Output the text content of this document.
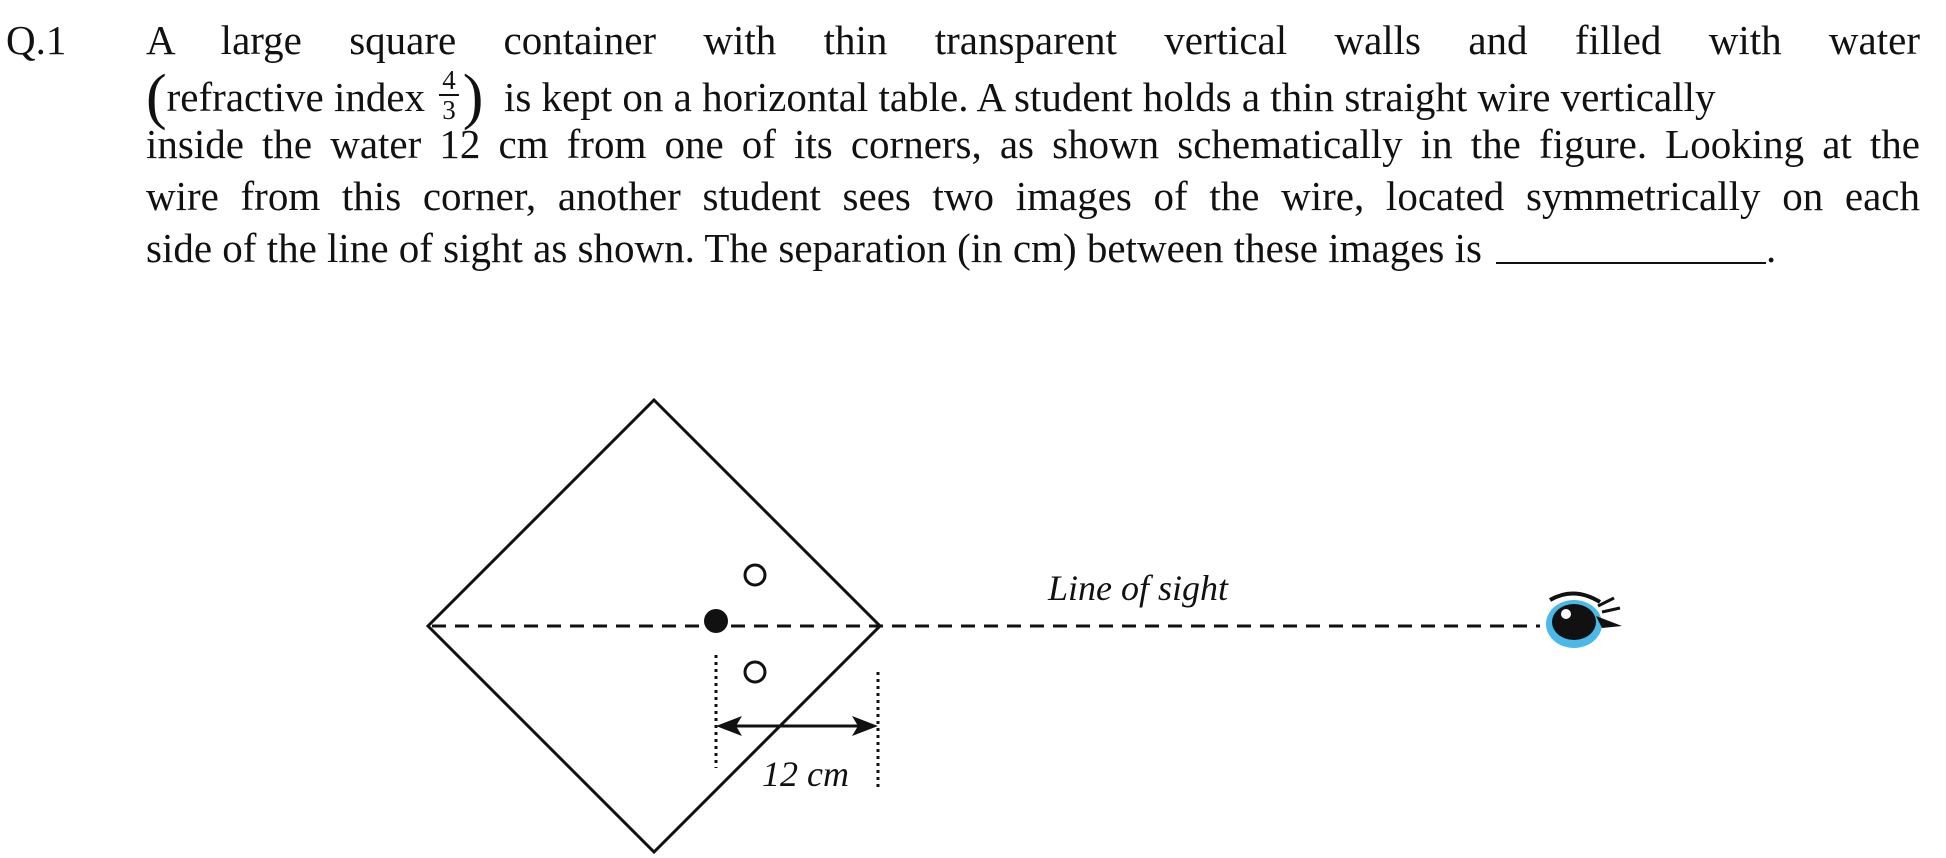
Q.1 A large square container with thin transparent vertical walls and filled with water
(refractive index $\frac{4}{3}$ ) is kept on a horizontal table. A student holds a thin straight wire vertically
inside the water 12 cm from one of its corners, as shown schematically in the figure. Looking at the
wire from this corner, another student sees two images of the wire, located symmetrically on each
side of the line of sight as shown. The separation (in cm) between these images is	.
12 cm
Line of sight
